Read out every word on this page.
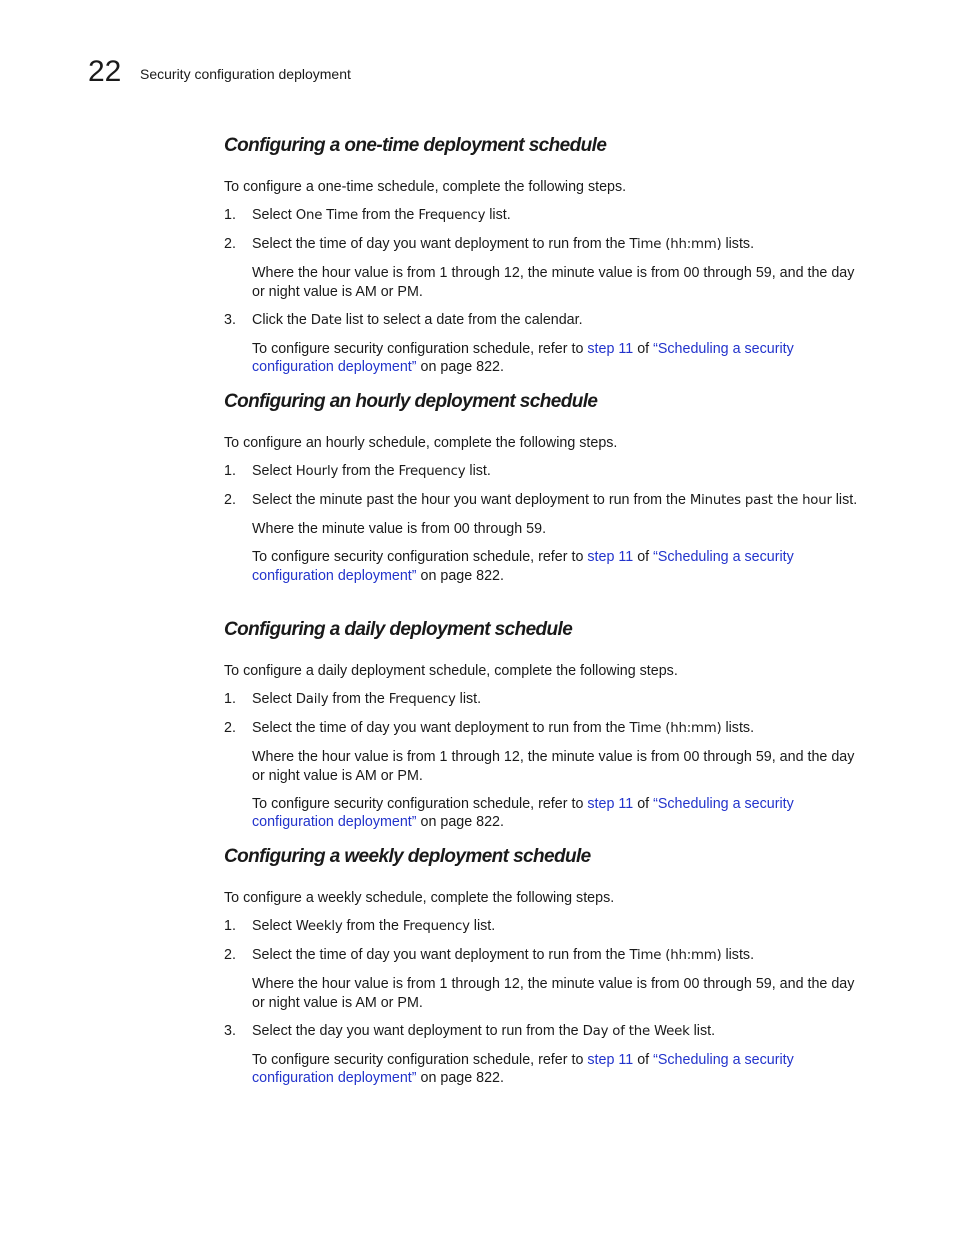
22 Security configuration deployment
Configuring a one-time deployment schedule

To configure a one-time schedule, complete the following steps.

1. Select One Time from the Frequency list.

2. Select the time of day you want deployment to run from the Time (hh:mm) lists.

Where the hour value is from 1 through 12, the minute value is from 00 through 59, and the day or night value is AM or PM.

3. Click the Date list to select a date from the calendar.

To configure security configuration schedule, refer to step 11 of “Scheduling a security
configuration deployment” on page 822.

Configuring an hourly deployment schedule

To configure an hourly schedule, complete the following steps.

1. Select Hourly from the Frequency list.

2. Select the minute past the hour you want deployment to run from the Minutes past the hour list.

Where the minute value is from 00 through 59.

To configure security configuration schedule, refer to step 11 of “Scheduling a security
configuration deployment” on page 822.

Configuring a daily deployment schedule

To configure a daily deployment schedule, complete the following steps.

1. Select Daily from the Frequency list.

2. Select the time of day you want deployment to run from the Time (hh:mm) lists.

Where the hour value is from 1 through 12, the minute value is from 00 through 59, and the day or night value is AM or PM.

To configure security configuration schedule, refer to step 11 of “Scheduling a security
configuration deployment” on page 822.

Configuring a weekly deployment schedule

To configure a weekly schedule, complete the following steps.

1. Select Weekly from the Frequency list.

2. Select the time of day you want deployment to run from the Time (hh:mm) lists.

Where the hour value is from 1 through 12, the minute value is from 00 through 59, and the day or night value is AM or PM.

3. Select the day you want deployment to run from the Day of the Week list.

To configure security configuration schedule, refer to step 11 of “Scheduling a security
configuration deployment” on page 822.
